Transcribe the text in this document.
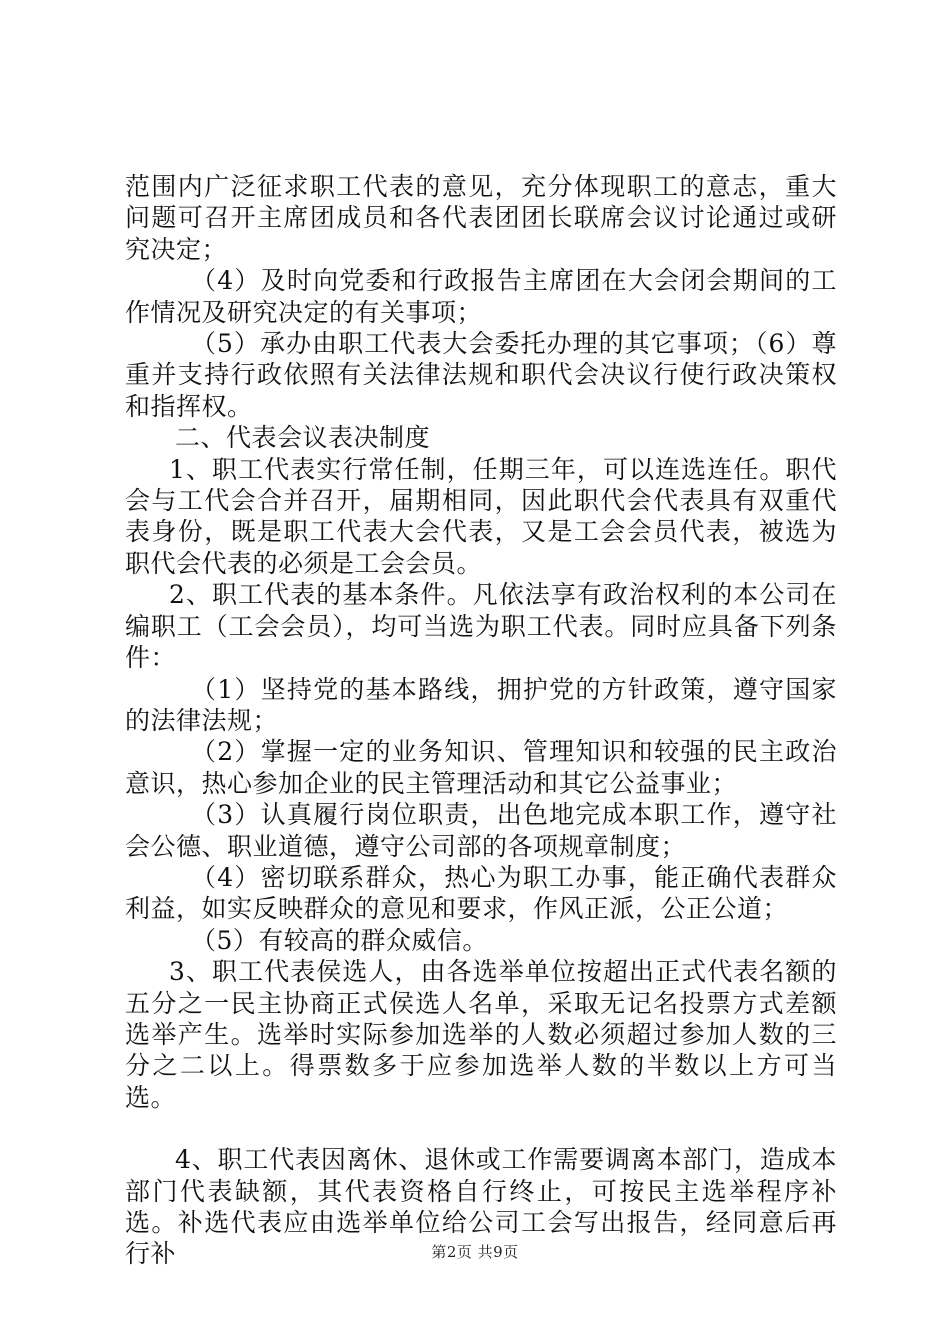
范围内广泛征求职工代表的意见，充分体现职工的意志，重大问题可召开主席团成员和各代表团团长联席会议讨论通过或研究决定；

（4）及时向党委和行政报告主席团在大会闭会期间的工作情况及研究决定的有关事项；

（5）承办由职工代表大会委托办理的其它事项；（6）尊重并支持行政依照有关法律法规和职代会决议行使行政决策权和指挥权。

二、代表会议表决制度

1、职工代表实行常任制，任期三年，可以连选连任。职代会与工代会合并召开，届期相同，因此职代会代表具有双重代表身份，既是职工代表大会代表，又是工会会员代表，被选为职代会代表的必须是工会会员。

2、职工代表的基本条件。凡依法享有政治权利的本公司在编职工（工会会员），均可当选为职工代表。同时应具备下列条件：

（1）坚持党的基本路线，拥护党的方针政策，遵守国家的法律法规；

（2）掌握一定的业务知识、管理知识和较强的民主政治意识，热心参加企业的民主管理活动和其它公益事业；

（3）认真履行岗位职责，出色地完成本职工作，遵守社会公德、职业道德，遵守公司部的各项规章制度；

（4）密切联系群众，热心为职工办事，能正确代表群众利益，如实反映群众的意见和要求，作风正派，公正公道；

（5）有较高的群众威信。

3、职工代表侯选人，由各选举单位按超出正式代表名额的五分之一民主协商正式侯选人名单，采取无记名投票方式差额选举产生。选举时实际参加选举的人数必须超过参加人数的三分之二以上。得票数多于应参加选举人数的半数以上方可当选。

4、职工代表因离休、退休或工作需要调离本部门，造成本部门代表缺额，其代表资格自行终止，可按民主选举程序补选。补选代表应由选举单位给公司工会写出报告，经同意后再行补	第2页 共9页
